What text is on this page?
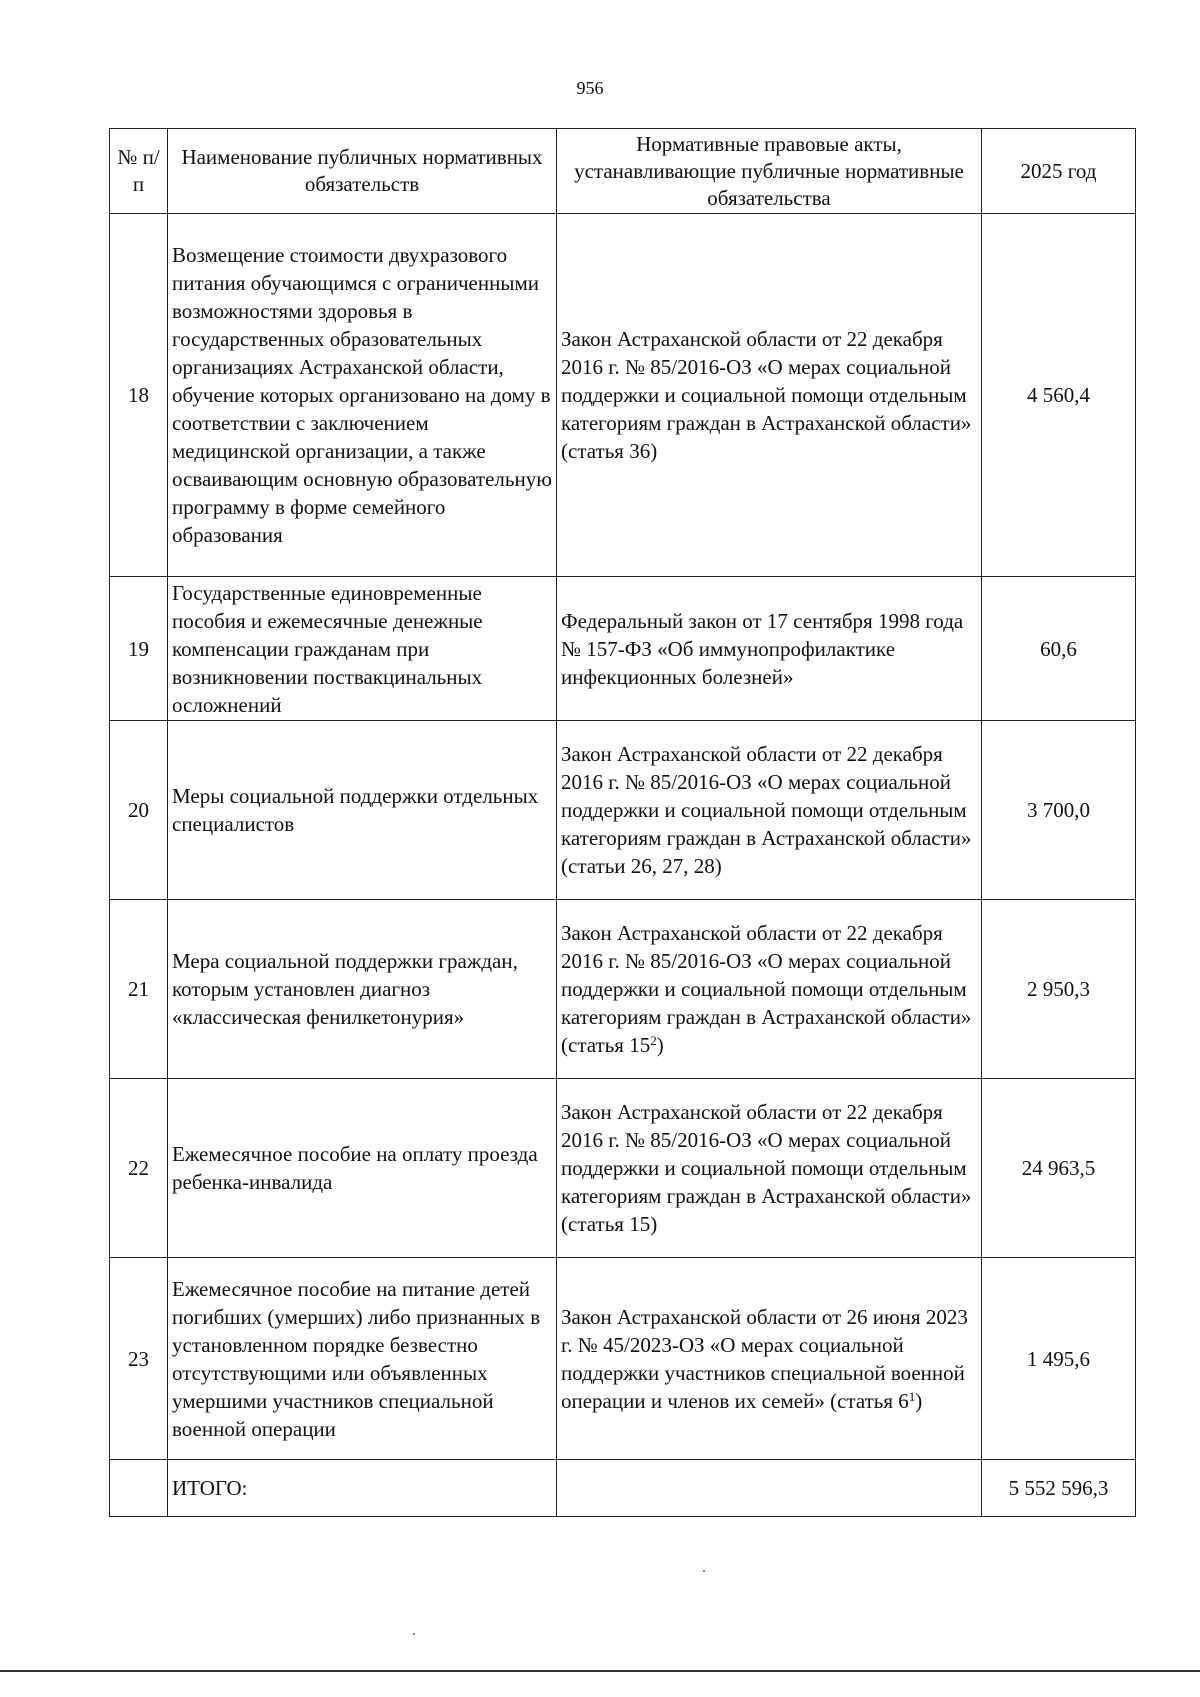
956
№ п/п	Наименование публичных нормативных обязательств	Нормативные правовые акты, устанавливающие публичные нормативные обязательства	2025 год
18	Возмещение стоимости двухразового питания обучающимся с ограниченными возможностями здоровья в государственных образовательных организациях Астраханской области, обучение которых организовано на дому в соответствии с заключением медицинской организации, а также осваивающим основную образовательную программу в форме семейного образования	Закон Астраханской области от 22 декабря 2016 г. № 85/2016-ОЗ «О мерах социальной поддержки и социальной помощи отдельным категориям граждан в Астраханской области» (статья 36)	4 560,4
19	Государственные единовременные пособия и ежемесячные денежные компенсации гражданам при возникновении поствакцинальных осложнений	Федеральный закон от 17 сентября 1998 года № 157-ФЗ «Об иммунопрофилактике инфекционных болезней»	60,6
20	Меры социальной поддержки отдельных специалистов	Закон Астраханской области от 22 декабря 2016 г. № 85/2016-ОЗ «О мерах социальной поддержки и социальной помощи отдельным категориям граждан в Астраханской области» (статьи 26, 27, 28)	3 700,0
21	Мера социальной поддержки граждан, которым установлен диагноз «классическая фенилкетонурия»	Закон Астраханской области от 22 декабря 2016 г. № 85/2016-ОЗ «О мерах социальной поддержки и социальной помощи отдельным категориям граждан в Астраханской области» (статья $15^2$)	2 950,3
22	Ежемесячное пособие на оплату проезда ребенка-инвалида	Закон Астраханской области от 22 декабря 2016 г. № 85/2016-ОЗ «О мерах социальной поддержки и социальной помощи отдельным категориям граждан в Астраханской области» (статья 15)	24 963,5
23	Ежемесячное пособие на питание детей погибших (умерших) либо признанных в установленном порядке безвестно отсутствующими или объявленных умершими участников специальной военной операции	Закон Астраханской области от 26 июня 2023 г. № 45/2023-ОЗ «О мерах социальной поддержки участников специальной военной операции и членов их семей» (статья $6^1$)	1 495,6
	ИТОГО:		5 552 596,3
